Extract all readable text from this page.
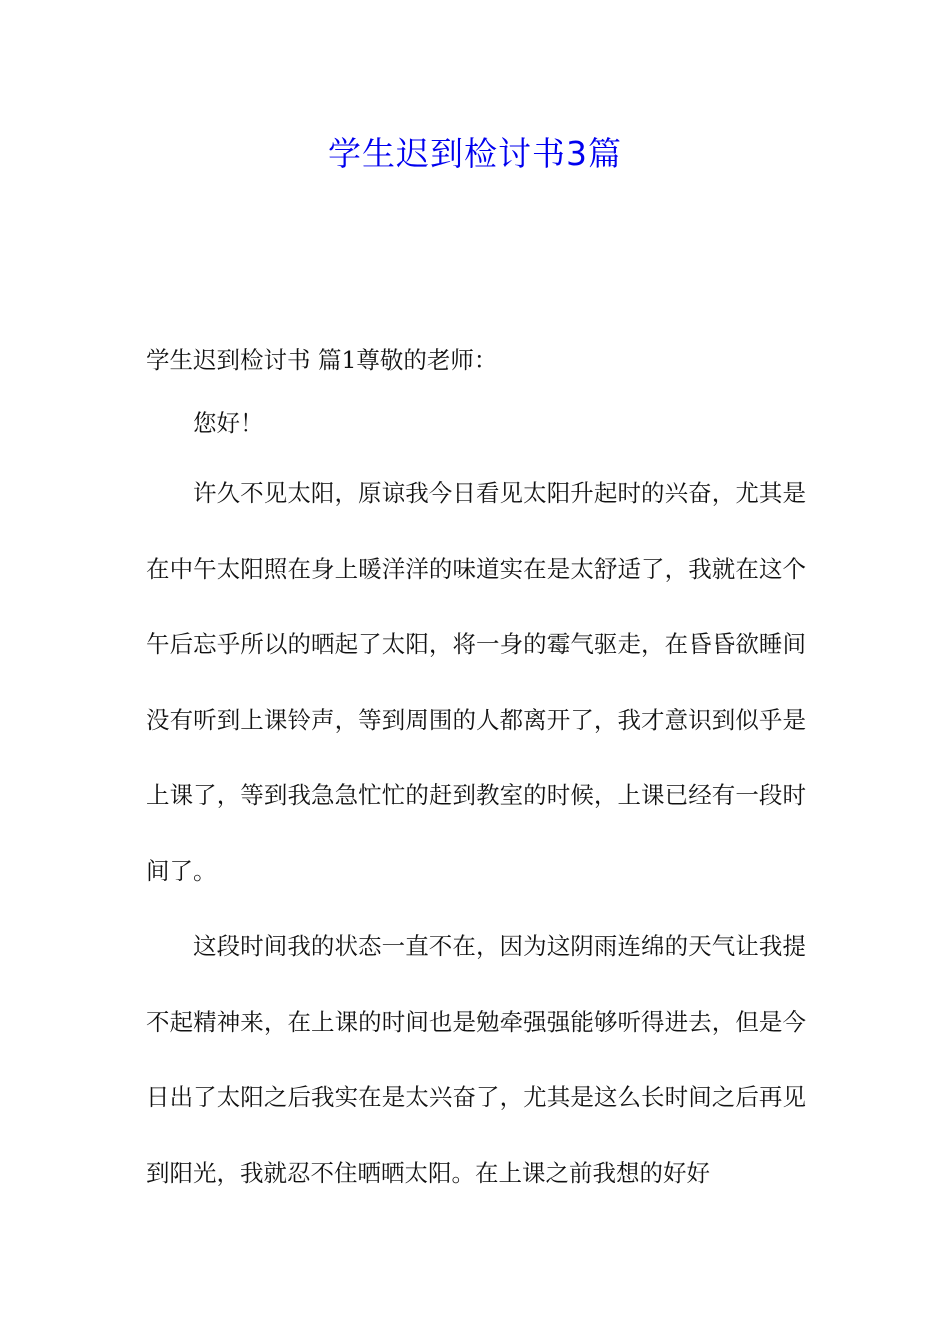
学生迟到检讨书3篇

学生迟到检讨书 篇1尊敬的老师：

您好！

许久不见太阳，原谅我今日看见太阳升起时的兴奋，尤其是在中午太阳照在身上暖洋洋的味道实在是太舒适了，我就在这个午后忘乎所以的晒起了太阳，将一身的霉气驱走，在昏昏欲睡间没有听到上课铃声，等到周围的人都离开了，我才意识到似乎是上课了，等到我急急忙忙的赶到教室的时候，上课已经有一段时间了。

这段时间我的状态一直不在，因为这阴雨连绵的天气让我提不起精神来，在上课的时间也是勉牵强强能够听得进去，但是今日出了太阳之后我实在是太兴奋了，尤其是这么长时间之后再见到阳光，我就忍不住晒晒太阳。在上课之前我想的好好
